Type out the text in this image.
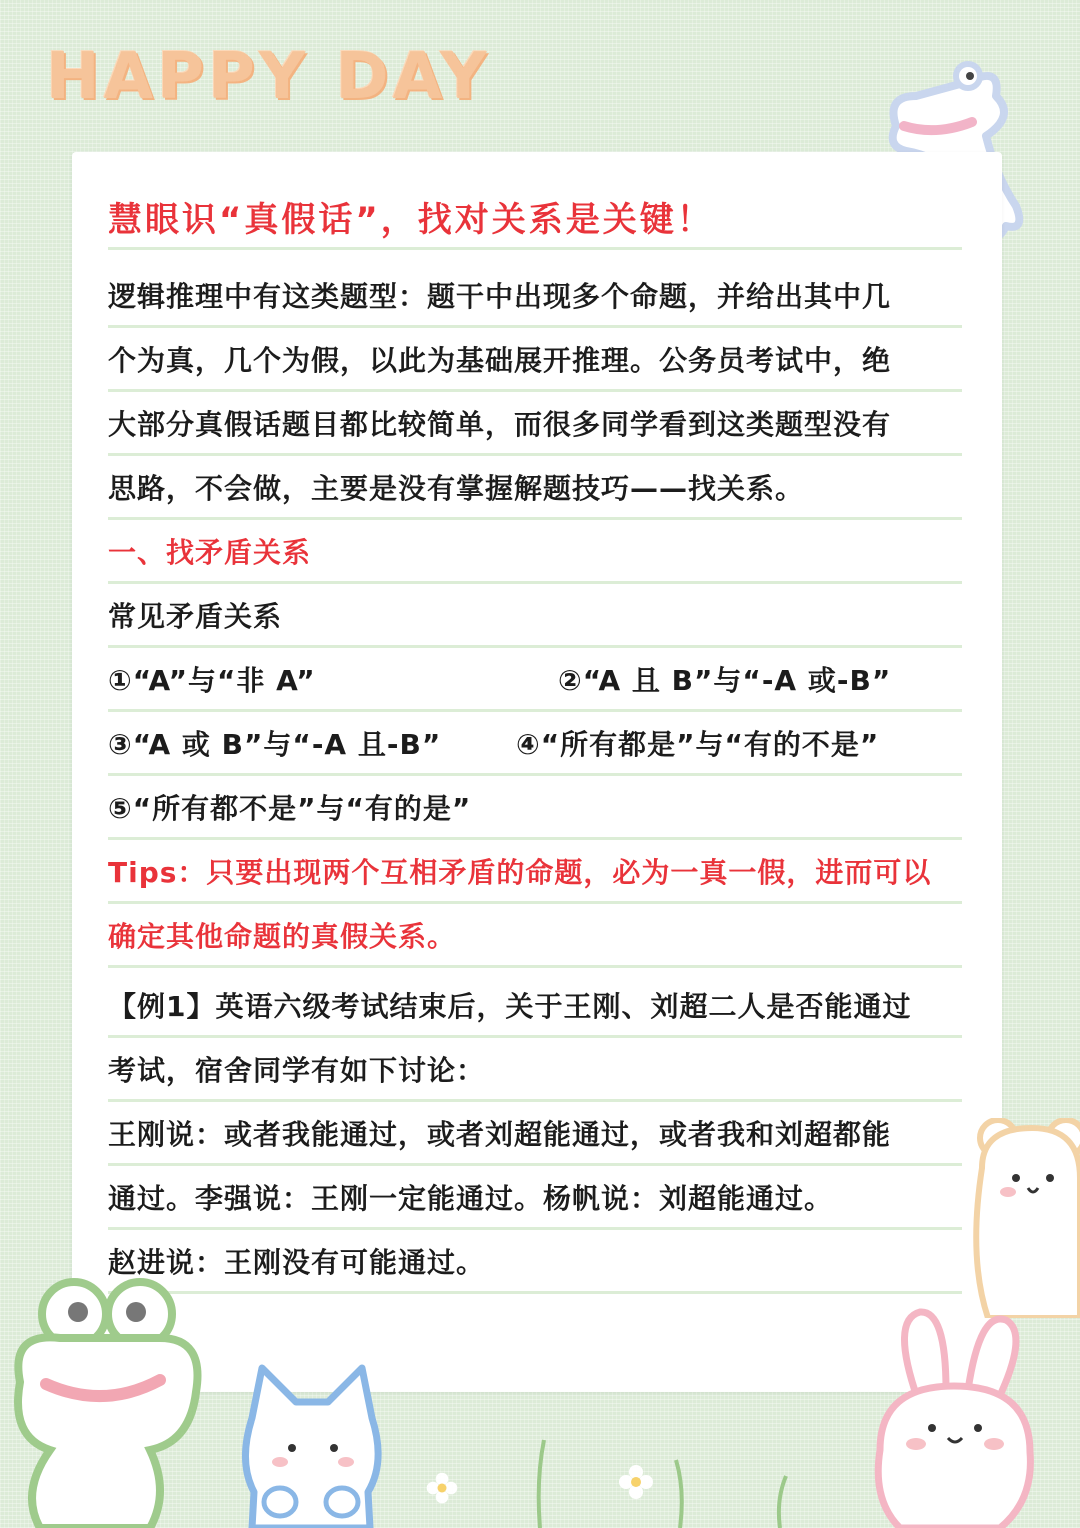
HAPPY DAY
慧眼识“真假话”，找对关系是关键！
逻辑推理中有这类题型：题干中出现多个命题，并给出其中几
个为真，几个为假，以此为基础展开推理。公务员考试中，绝
大部分真假话题目都比较简单，而很多同学看到这类题型没有
思路，不会做，主要是没有掌握解题技巧——找关系。
一、找矛盾关系
常见矛盾关系
①“A”与“非 A”	②“A 且 B”与“-A 或-B”
③“A 或 B”与“-A 且-B”	④“所有都是”与“有的不是”
⑤“所有都不是”与“有的是”
Tips：只要出现两个互相矛盾的命题，必为一真一假，进而可以
确定其他命题的真假关系。
【例1】英语六级考试结束后，关于王刚、刘超二人是否能通过
考试，宿舍同学有如下讨论：
王刚说：或者我能通过，或者刘超能通过，或者我和刘超都能
通过。李强说：王刚一定能通过。杨帆说：刘超能通过。
赵进说：王刚没有可能通过。
